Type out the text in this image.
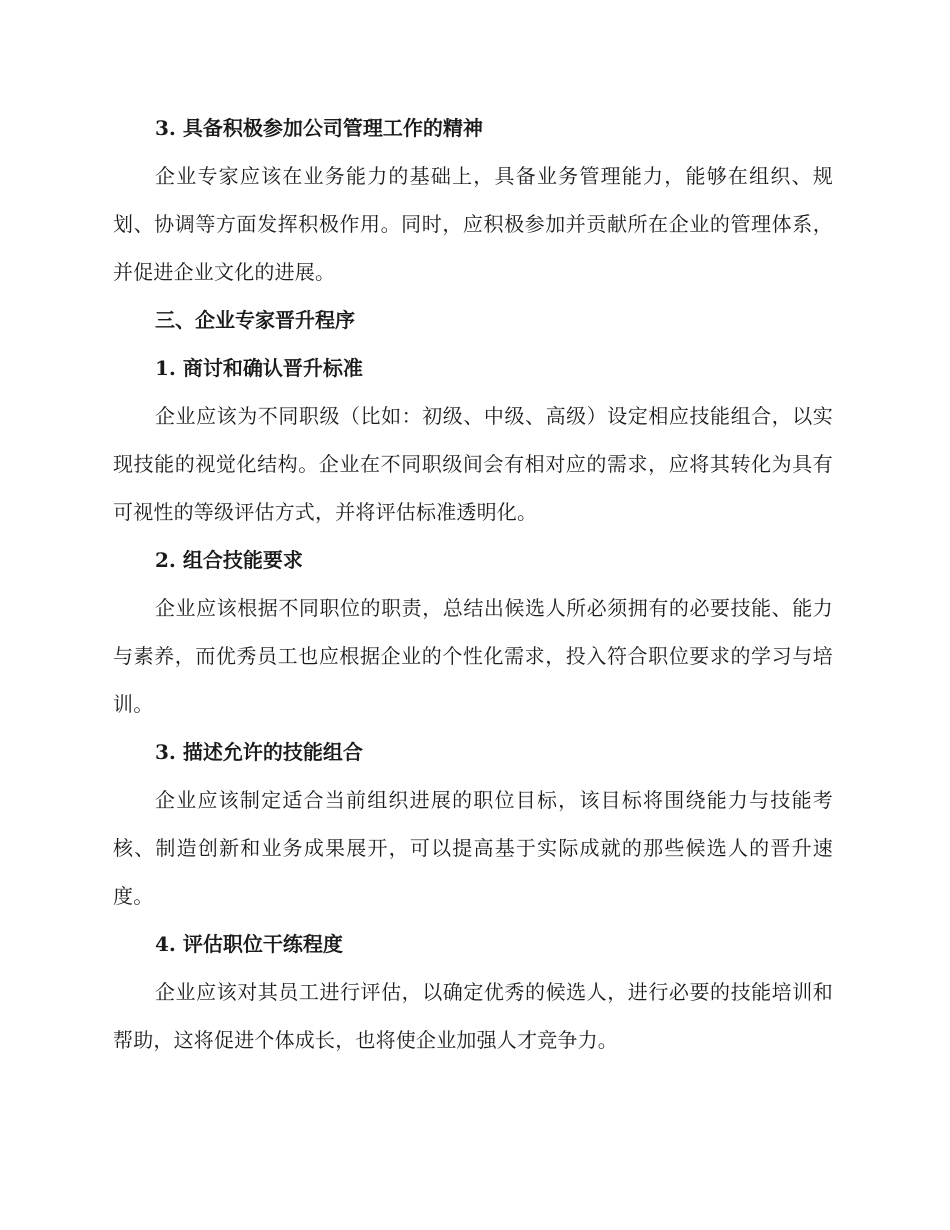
3. 具备积极参加公司管理工作的精神

企业专家应该在业务能力的基础上，具备业务管理能力，能够在组织、规划、协调等方面发挥积极作用。同时，应积极参加并贡献所在企业的管理体系，并促进企业文化的进展。

三、企业专家晋升程序

1. 商讨和确认晋升标准

企业应该为不同职级（比如：初级、中级、高级）设定相应技能组合，以实现技能的视觉化结构。企业在不同职级间会有相对应的需求，应将其转化为具有可视性的等级评估方式，并将评估标准透明化。

2. 组合技能要求

企业应该根据不同职位的职责，总结出候选人所必须拥有的必要技能、能力与素养，而优秀员工也应根据企业的个性化需求，投入符合职位要求的学习与培训。

3. 描述允许的技能组合

企业应该制定适合当前组织进展的职位目标，该目标将围绕能力与技能考核、制造创新和业务成果展开，可以提高基于实际成就的那些候选人的晋升速度。

4. 评估职位干练程度

企业应该对其员工进行评估，以确定优秀的候选人，进行必要的技能培训和帮助，这将促进个体成长，也将使企业加强人才竞争力。
